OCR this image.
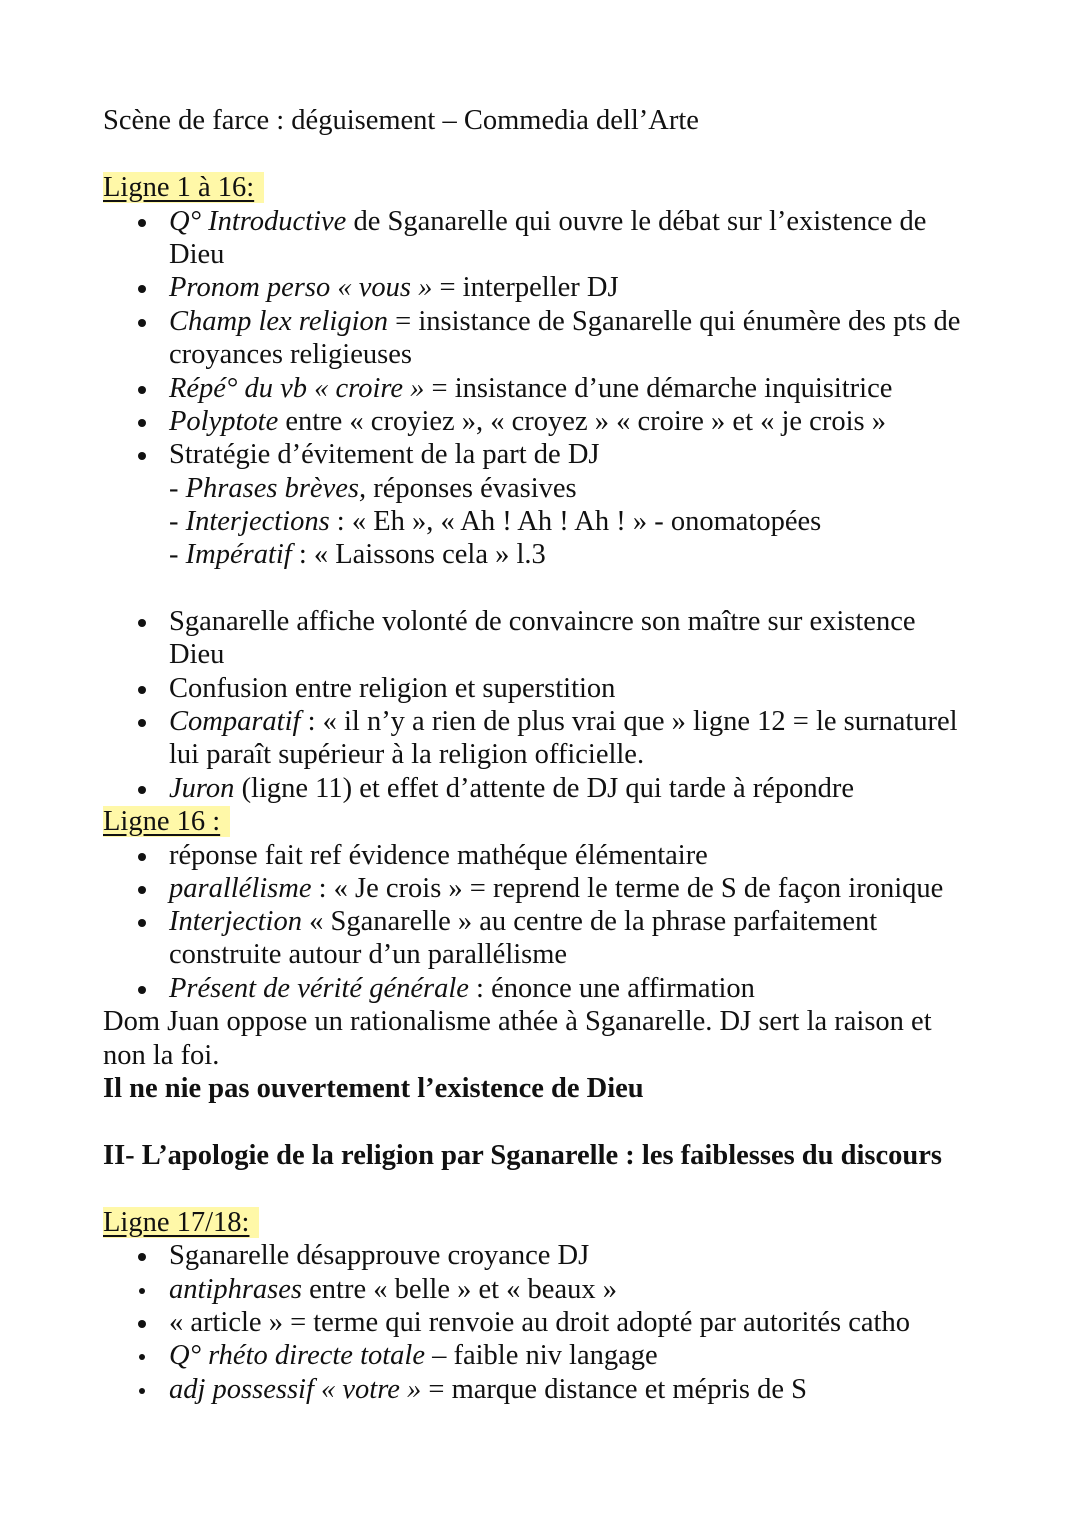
Scène de farce : déguisement – Commedia dell’Arte
Ligne 1 à 16:
Q° Introductive de Sganarelle qui ouvre le débat sur l’existence de
Dieu
Pronom perso « vous » = interpeller DJ
Champ lex religion = insistance de Sganarelle qui énumère des pts de
croyances religieuses
Répé° du vb « croire » = insistance d’une démarche inquisitrice
Polyptote entre « croyiez », « croyez » « croire » et « je crois »
Stratégie d’évitement de la part de DJ
- Phrases brèves, réponses évasives
- Interjections : « Eh », « Ah ! Ah ! Ah ! » - onomatopées
- Impératif : « Laissons cela » l.3
Sganarelle affiche volonté de convaincre son maître sur existence
Dieu
Confusion entre religion et superstition
Comparatif : « il n’y a rien de plus vrai que » ligne 12 = le surnaturel
lui paraît supérieur à la religion officielle.
Juron (ligne 11) et effet d’attente de DJ qui tarde à répondre
Ligne 16 :
réponse fait ref évidence mathéque élémentaire
parallélisme : « Je crois » = reprend le terme de S de façon ironique
Interjection « Sganarelle » au centre de la phrase parfaitement
construite autour d’un parallélisme
Présent de vérité générale : énonce une affirmation
Dom Juan oppose un rationalisme athée à Sganarelle. DJ sert la raison et
non la foi.
Il ne nie pas ouvertement l’existence de Dieu
II- L’apologie de la religion par Sganarelle : les faiblesses du discours
Ligne 17/18:
Sganarelle désapprouve croyance DJ
antiphrases entre « belle » et « beaux »
« article » = terme qui renvoie au droit adopté par autorités catho
Q° rhéto directe totale – faible niv langage
adj possessif « votre » = marque distance et mépris de S
